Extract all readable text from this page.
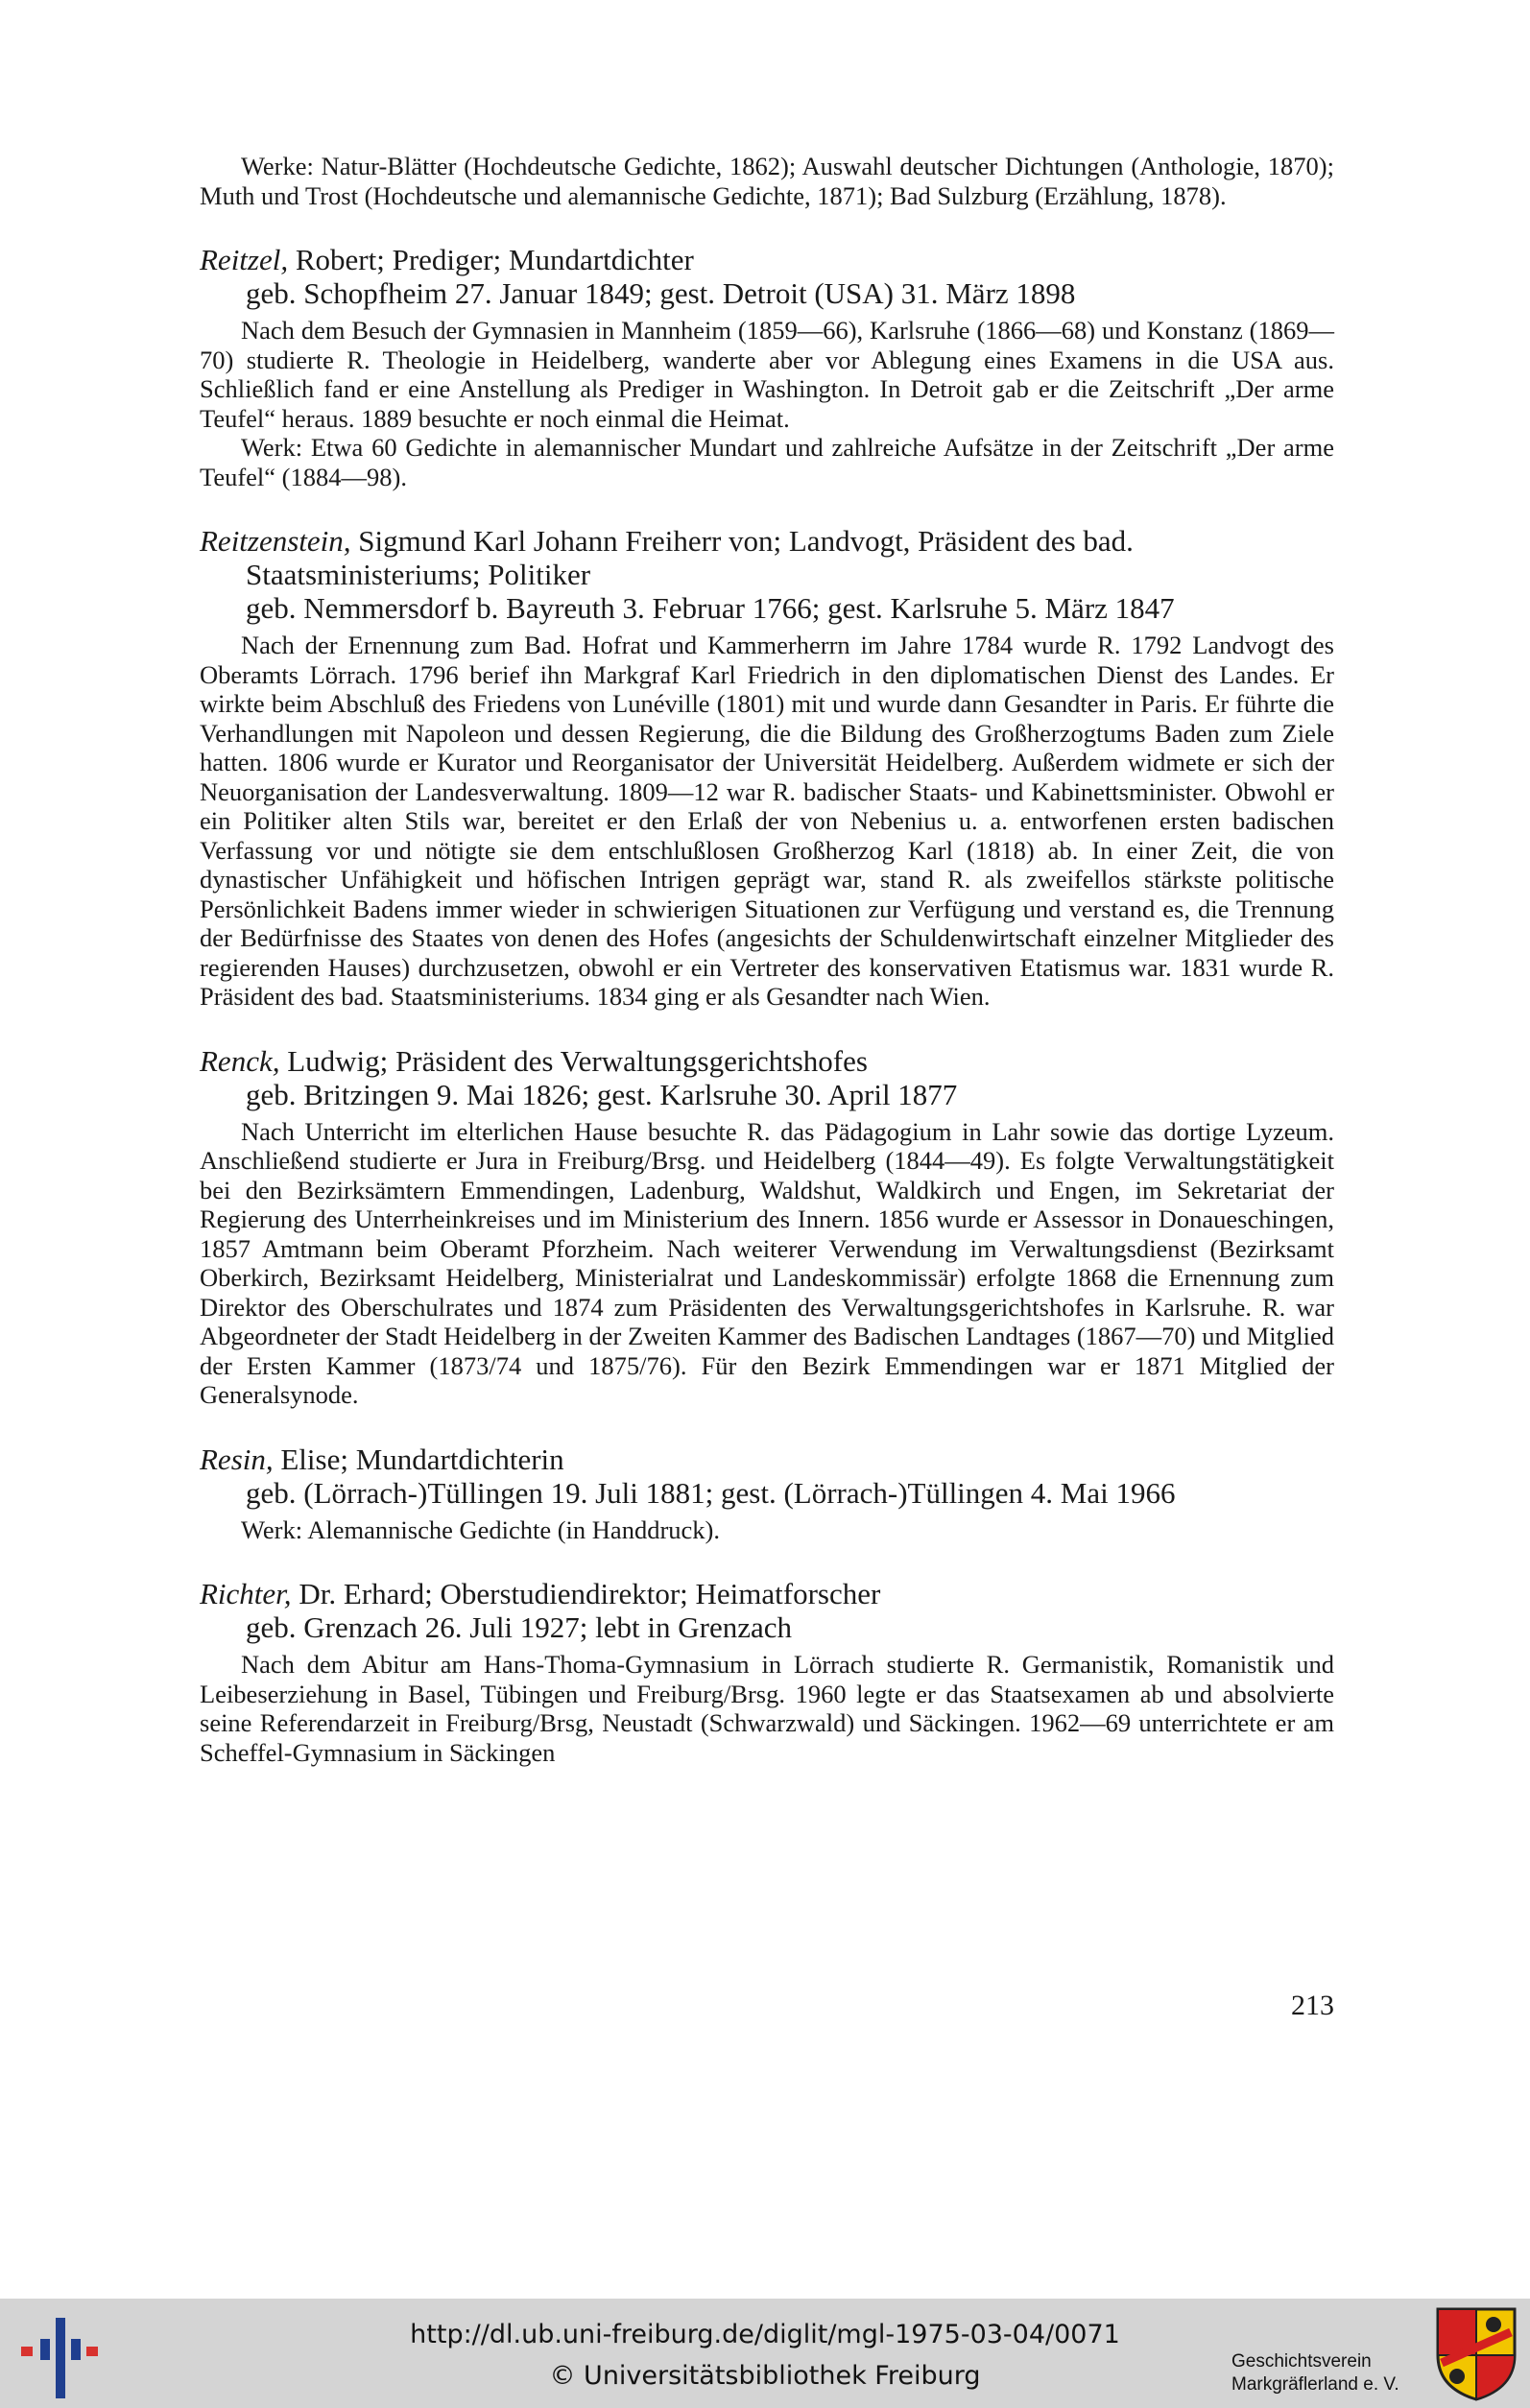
Werke: Natur-Blätter (Hochdeutsche Gedichte, 1862); Auswahl deutscher Dichtungen (Anthologie, 1870); Muth und Trost (Hochdeutsche und alemannische Gedichte, 1871); Bad Sulzburg (Erzählung, 1878).

Reitzel, Robert; Prediger; Mundartdichter

geb. Schopfheim 27. Januar 1849; gest. Detroit (USA) 31. März 1898

Nach dem Besuch der Gymnasien in Mannheim (1859—66), Karlsruhe (1866—68) und Konstanz (1869—70) studierte R. Theologie in Heidelberg, wanderte aber vor Ablegung eines Examens in die USA aus. Schließlich fand er eine Anstellung als Prediger in Washington. In Detroit gab er die Zeitschrift „Der arme Teufel“ heraus. 1889 besuchte er noch einmal die Heimat.

Werk: Etwa 60 Gedichte in alemannischer Mundart und zahlreiche Aufsätze in der Zeitschrift „Der arme Teufel“ (1884—98).

Reitzenstein, Sigmund Karl Johann Freiherr von; Landvogt, Präsident des bad. Staatsministeriums; Politiker

geb. Nemmersdorf b. Bayreuth 3. Februar 1766; gest. Karlsruhe 5. März 1847

Nach der Ernennung zum Bad. Hofrat und Kammerherrn im Jahre 1784 wurde R. 1792 Landvogt des Oberamts Lörrach. 1796 berief ihn Markgraf Karl Friedrich in den diplomatischen Dienst des Landes. Er wirkte beim Abschluß des Friedens von Lunéville (1801) mit und wurde dann Gesandter in Paris. Er führte die Verhandlungen mit Napoleon und dessen Regierung, die die Bildung des Großherzogtums Baden zum Ziele hatten. 1806 wurde er Kurator und Reorganisator der Universität Heidelberg. Außerdem widmete er sich der Neuorganisation der Landesverwaltung. 1809—12 war R. badischer Staats- und Kabinettsminister. Obwohl er ein Politiker alten Stils war, bereitet er den Erlaß der von Nebenius u. a. entworfenen ersten badischen Verfassung vor und nötigte sie dem entschlußlosen Großherzog Karl (1818) ab. In einer Zeit, die von dynastischer Unfähigkeit und höfischen Intrigen geprägt war, stand R. als zweifellos stärkste politische Persönlichkeit Badens immer wieder in schwierigen Situationen zur Verfügung und verstand es, die Trennung der Bedürfnisse des Staates von denen des Hofes (angesichts der Schuldenwirtschaft einzelner Mitglieder des regierenden Hauses) durchzusetzen, obwohl er ein Vertreter des konservativen Etatismus war. 1831 wurde R. Präsident des bad. Staatsministeriums. 1834 ging er als Gesandter nach Wien.

Renck, Ludwig; Präsident des Verwaltungsgerichtshofes

geb. Britzingen 9. Mai 1826; gest. Karlsruhe 30. April 1877

Nach Unterricht im elterlichen Hause besuchte R. das Pädagogium in Lahr sowie das dortige Lyzeum. Anschließend studierte er Jura in Freiburg/Brsg. und Heidelberg (1844—49). Es folgte Verwaltungstätigkeit bei den Bezirksämtern Emmendingen, Ladenburg, Waldshut, Waldkirch und Engen, im Sekretariat der Regierung des Unterrheinkreises und im Ministerium des Innern. 1856 wurde er Assessor in Donaueschingen, 1857 Amtmann beim Oberamt Pforzheim. Nach weiterer Verwendung im Verwaltungsdienst (Bezirksamt Oberkirch, Bezirksamt Heidelberg, Ministerialrat und Landeskommissär) erfolgte 1868 die Ernennung zum Direktor des Oberschulrates und 1874 zum Präsidenten des Verwaltungsgerichtshofes in Karlsruhe. R. war Abgeordneter der Stadt Heidelberg in der Zweiten Kammer des Badischen Landtages (1867—70) und Mitglied der Ersten Kammer (1873/74 und 1875/76). Für den Bezirk Emmendingen war er 1871 Mitglied der Generalsynode.

Resin, Elise; Mundartdichterin

geb. (Lörrach-)Tüllingen 19. Juli 1881; gest. (Lörrach-)Tüllingen 4. Mai 1966

Werk: Alemannische Gedichte (in Handdruck).

Richter, Dr. Erhard; Oberstudiendirektor; Heimatforscher

geb. Grenzach 26. Juli 1927; lebt in Grenzach

Nach dem Abitur am Hans-Thoma-Gymnasium in Lörrach studierte R. Germanistik, Romanistik und Leibeserziehung in Basel, Tübingen und Freiburg/Brsg. 1960 legte er das Staatsexamen ab und absolvierte seine Referendarzeit in Freiburg/Brsg, Neustadt (Schwarzwald) und Säckingen. 1962—69 unterrichtete er am Scheffel-Gymnasium in Säckingen

213
http://dl.ub.uni-freiburg.de/diglit/mgl-1975-03-04/0071
© Universitätsbibliothek Freiburg	Geschichtsverein
Markgräflerland e. V.
